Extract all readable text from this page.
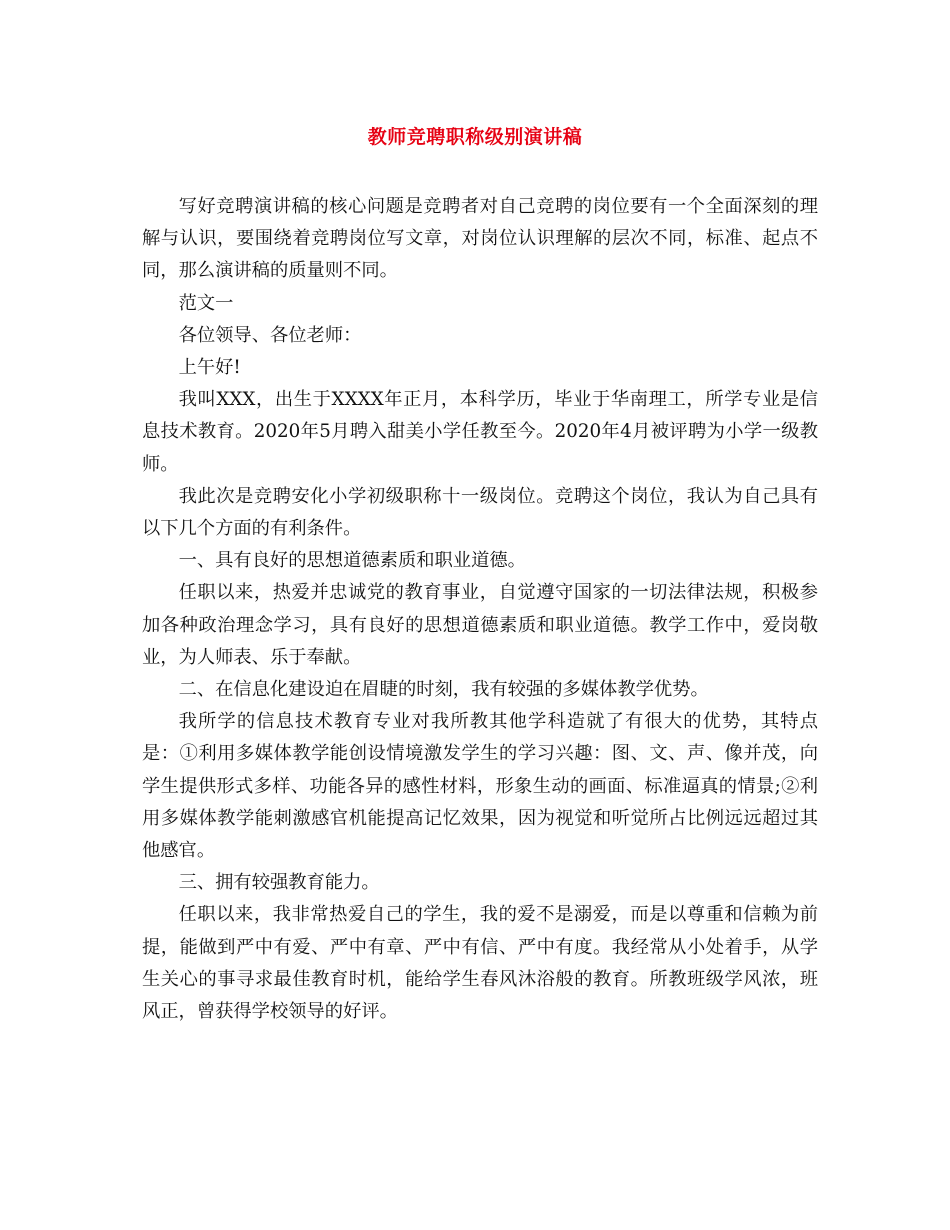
教师竞聘职称级别演讲稿

写好竞聘演讲稿的核心问题是竞聘者对自己竞聘的岗位要有一个全面深刻的理解与认识，要围绕着竞聘岗位写文章，对岗位认识理解的层次不同，标准、起点不同，那么演讲稿的质量则不同。

范文一

各位领导、各位老师：

上午好!

我叫XXX，出生于XXXX年正月，本科学历，毕业于华南理工，所学专业是信息技术教育。2020年5月聘入甜美小学任教至今。2020年4月被评聘为小学一级教师。

我此次是竞聘安化小学初级职称十一级岗位。竞聘这个岗位，我认为自己具有以下几个方面的有利条件。

一、具有良好的思想道德素质和职业道德。

任职以来，热爱并忠诚党的教育事业，自觉遵守国家的一切法律法规，积极参加各种政治理念学习，具有良好的思想道德素质和职业道德。教学工作中，爱岗敬业，为人师表、乐于奉献。

二、在信息化建设迫在眉睫的时刻，我有较强的多媒体教学优势。

我所学的信息技术教育专业对我所教其他学科造就了有很大的优势，其特点是：①利用多媒体教学能创设情境激发学生的学习兴趣：图、文、声、像并茂，向学生提供形式多样、功能各异的感性材料，形象生动的画面、标准逼真的情景;②利用多媒体教学能刺激感官机能提高记忆效果，因为视觉和听觉所占比例远远超过其他感官。

三、拥有较强教育能力。

任职以来，我非常热爱自己的学生，我的爱不是溺爱，而是以尊重和信赖为前提，能做到严中有爱、严中有章、严中有信、严中有度。我经常从小处着手，从学生关心的事寻求最佳教育时机，能给学生春风沐浴般的教育。所教班级学风浓，班风正，曾获得学校领导的好评。
